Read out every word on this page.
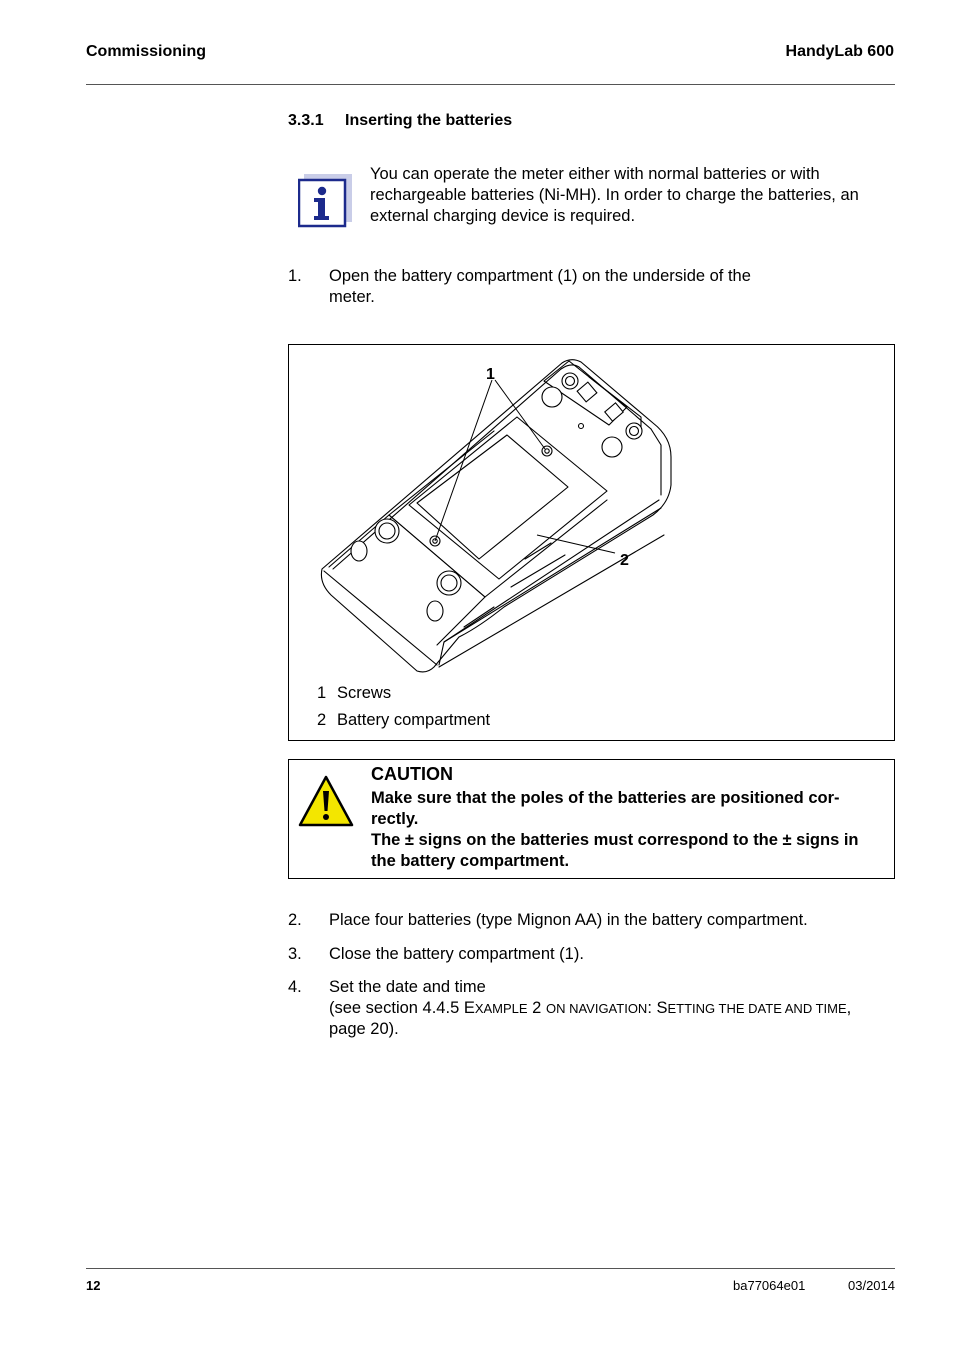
Commissioning	HandyLab 600
3.3.1 Inserting the batteries
You can operate the meter either with normal batteries or with rechargeable batteries (Ni-MH). In order to charge the batteries, an external charging device is required.
1. Open the battery compartment (1) on the underside of the meter.
1
2
1 Screws
2 Battery compartment
CAUTION
Make sure that the poles of the batteries are positioned cor-
rectly.
The ± signs on the batteries must correspond to the ± signs in
the battery compartment.
2. Place four batteries (type Mignon AA) in the battery compartment.
3. Close the battery compartment (1).
4. Set the date and time
(see section 4.4.5 EXAMPLE 2 ON NAVIGATION: SETTING THE DATE AND TIME,
page 20).
12	ba77064e01	03/2014
